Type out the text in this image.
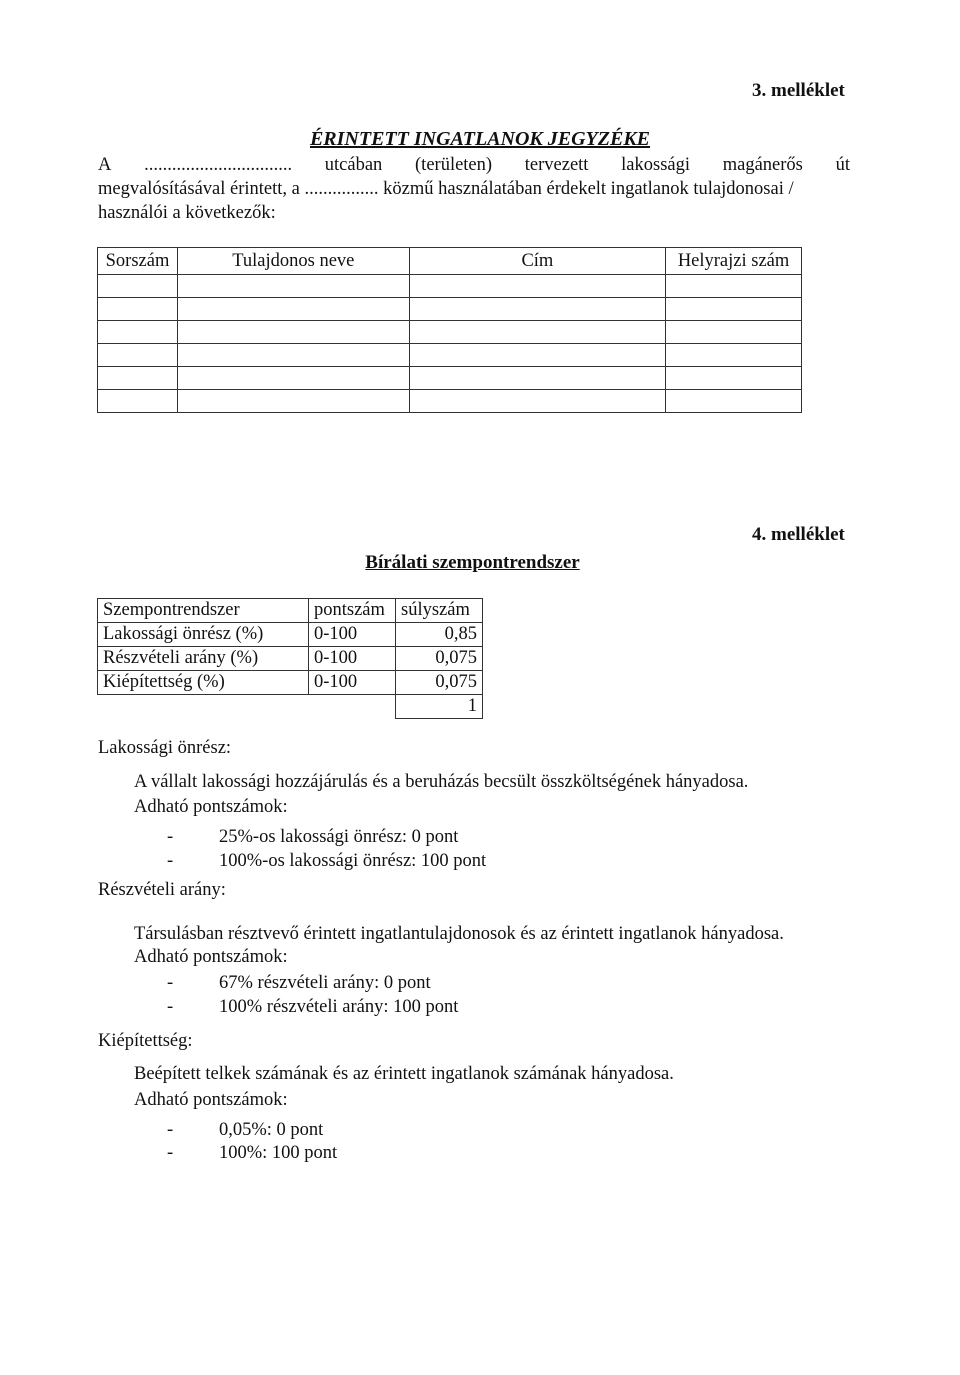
3. melléklet
ÉRINTETT INGATLANOK JEGYZÉKE
A ................................ utcában (területen) tervezett lakossági magánerős út
megvalósításával érintett, a ................ közmű használatában érdekelt ingatlanok tulajdonosai /
használói a következők:
Sorszám	Tulajdonos neve	Cím	Helyrajzi szám

4. melléklet
Bírálati szempontrendszer
Szempontrendszer	pontszám	súlyszám
Lakossági önrész (%)	0-100	0,85
Részvételi arány (%)	0-100	0,075
Kiépítettség (%)	0-100	0,075
		1
Lakossági önrész:
A vállalt lakossági hozzájárulás és a beruházás becsült összköltségének hányadosa.
Adható pontszámok:
- 25%-os lakossági önrész: 0 pont
- 100%-os lakossági önrész: 100 pont
Részvételi arány:
Társulásban résztvevő érintett ingatlantulajdonosok és az érintett ingatlanok hányadosa.
Adható pontszámok:
- 67% részvételi arány: 0 pont
- 100% részvételi arány: 100 pont
Kiépítettség:
Beépített telkek számának és az érintett ingatlanok számának hányadosa.
Adható pontszámok:
- 0,05%: 0 pont
- 100%: 100 pont
